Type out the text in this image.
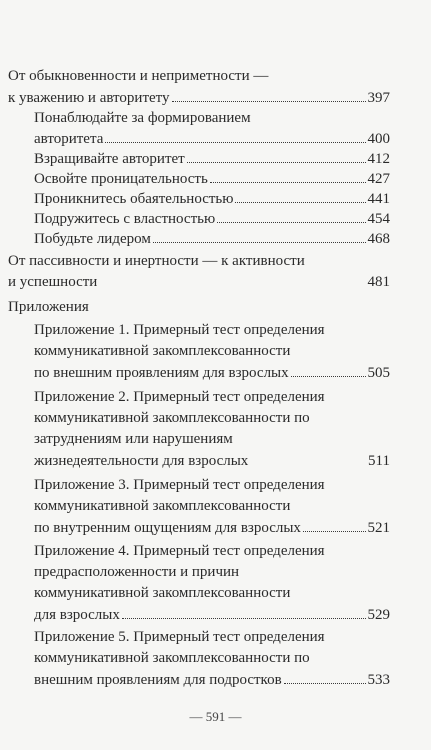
От обыкновенности и неприметности —
к уважению и авторитету	397
Понаблюдайте за формированием
авторитета	400
Взращивайте авторитет	412
Освойте проницательность	427
Проникнитесь обаятельностью	441
Подружитесь с властностью	454
Побудьте лидером	468
От пассивности и инертности — к активности
и успешности	481
Приложения
Приложение 1. Примерный тест определения
коммуникативной закомплексованности
по внешним проявлениям для взрослых	505
Приложение 2. Примерный тест определения
коммуникативной закомплексованности по
затруднениям или нарушениям
жизнедеятельности для взрослых	511
Приложение 3. Примерный тест определения
коммуникативной закомплексованности
по внутренним ощущениям для взрослых	521
Приложение 4. Примерный тест определения
предрасположенности и причин
коммуникативной закомплексованности
для взрослых	529
Приложение 5. Примерный тест определения
коммуникативной закомплексованности по
внешним проявлениям для подростков	533
— 591 —
